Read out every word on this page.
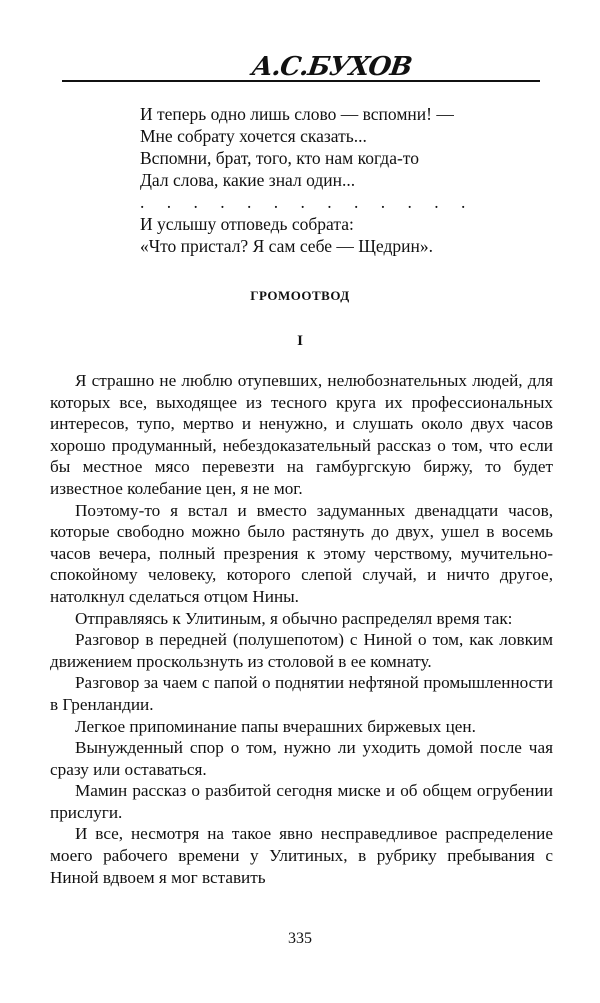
А.С.БУХОВ
И теперь одно лишь слово — вспомни! —
Мне собрату хочется сказать...
Вспомни, брат, того, кто нам когда-то
Дал слова, какие знал один...
. . . . . . . . . . . . .
И услышу отповедь собрата:
«Что пристал? Я сам себе — Щедрин».
ГРОМООТВОД
I

Я страшно не люблю отупевших, нелюбознательных людей, для которых все, выходящее из тесного круга их профессиональных интересов, тупо, мертво и ненужно, и слушать около двух часов хорошо продуманный, небездоказательный рассказ о том, что если бы местное мясо перевезти на гамбургскую биржу, то будет известное колебание цен, я не мог.

Поэтому-то я встал и вместо задуманных двенадцати часов, которые свободно можно было растянуть до двух, ушел в восемь часов вечера, полный презрения к этому черствому, мучительно-спокойному человеку, которого слепой случай, и ничто другое, натолкнул сделаться отцом Нины.

Отправляясь к Улитиным, я обычно распределял время так:

Разговор в передней (полушепотом) с Ниной о том, как ловким движением проскользнуть из столовой в ее комнату.

Разговор за чаем с папой о поднятии нефтяной промышленности в Гренландии.

Легкое припоминание папы вчерашних биржевых цен.

Вынужденный спор о том, нужно ли уходить домой после чая сразу или оставаться.

Мамин рассказ о разбитой сегодня миске и об общем огрубении прислуги.

И все, несмотря на такое явно несправедливое распределение моего рабочего времени у Улитиных, в рубрику пребывания с Ниной вдвоем я мог вставить

335
